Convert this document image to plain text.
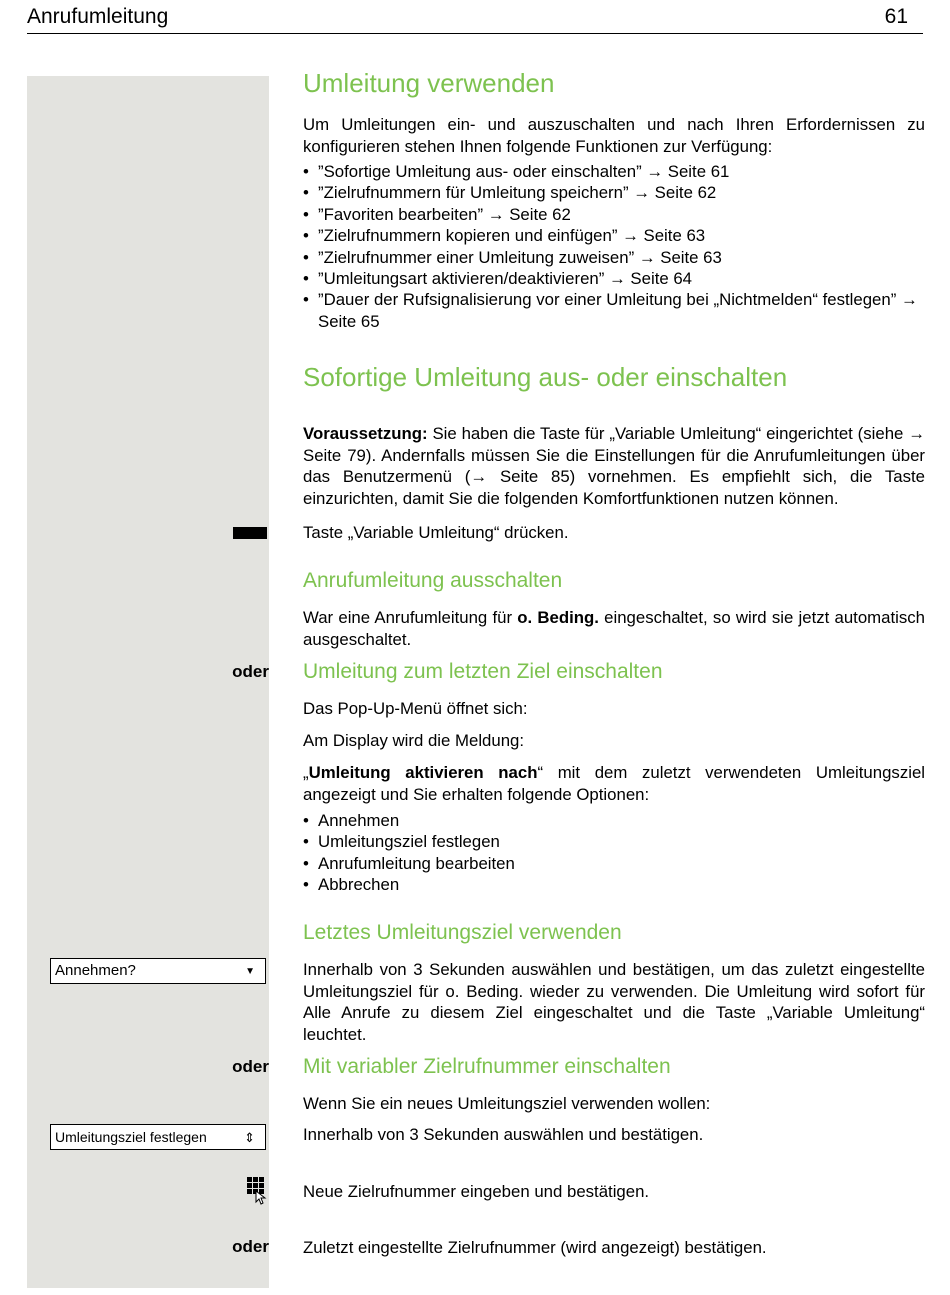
Anrufumleitung	61
Umleitung verwenden
Um Umleitungen ein- und auszuschalten und nach Ihren Erfordernissen zu konfigurieren stehen Ihnen folgende Funktionen zur Verfügung:
• ”Sofortige Umleitung aus- oder einschalten” → Seite 61
• ”Zielrufnummern für Umleitung speichern” → Seite 62
• ”Favoriten bearbeiten” → Seite 62
• ”Zielrufnummern kopieren und einfügen” → Seite 63
• ”Zielrufnummer einer Umleitung zuweisen” → Seite 63
• ”Umleitungsart aktivieren/deaktivieren” → Seite 64
• ”Dauer der Rufsignalisierung vor einer Umleitung bei „Nichtmelden“ festlegen” → Seite 65
Sofortige Umleitung aus- oder einschalten
Voraussetzung: Sie haben die Taste für „Variable Umleitung“ eingerichtet (siehe → Seite 79). Andernfalls müssen Sie die Einstellungen für die Anrufumleitungen über das Benutzermenü (→ Seite 85) vornehmen. Es empfiehlt sich, die Taste einzurichten, damit Sie die folgenden Komfortfunktionen nutzen können.
Taste „Variable Umleitung“ drücken.
Anrufumleitung ausschalten
War eine Anrufumleitung für o. Beding. eingeschaltet, so wird sie jetzt automatisch ausgeschaltet.
oder Umleitung zum letzten Ziel einschalten
Das Pop-Up-Menü öffnet sich:
Am Display wird die Meldung:
„Umleitung aktivieren nach“ mit dem zuletzt verwendeten Umleitungsziel angezeigt und Sie erhalten folgende Optionen:
• Annehmen
• Umleitungsziel festlegen
• Anrufumleitung bearbeiten
• Abbrechen
Letztes Umleitungsziel verwenden
Annehmen?	▼	Innerhalb von 3 Sekunden auswählen und bestätigen, um das zuletzt eingestellte Umleitungsziel für o. Beding. wieder zu verwenden. Die Umleitung wird sofort für Alle Anrufe zu diesem Ziel eingeschaltet und die Taste „Variable Umleitung“ leuchtet.
oder Mit variabler Zielrufnummer einschalten
Wenn Sie ein neues Umleitungsziel verwenden wollen:
Umleitungsziel festlegen	⇕	Innerhalb von 3 Sekunden auswählen und bestätigen.
Neue Zielrufnummer eingeben und bestätigen.
oder Zuletzt eingestellte Zielrufnummer (wird angezeigt) bestätigen.
